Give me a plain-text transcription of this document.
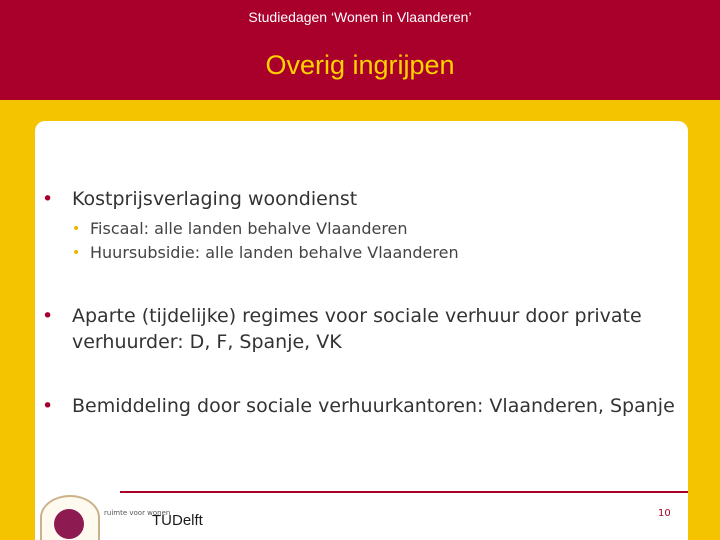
Studiedagen ‘Wonen in Vlaanderen’
Overig ingrijpen
• Kostprijsverlaging woondienst
• Fiscaal: alle landen behalve Vlaanderen
• Huursubsidie: alle landen behalve Vlaanderen
• Aparte (tijdelijke) regimes voor sociale verhuur door private verhuurder: D, F, Spanje, VK
• Bemiddeling door sociale verhuurkantoren: Vlaanderen, Spanje
ruimte voor wonen
TUDelft	10
